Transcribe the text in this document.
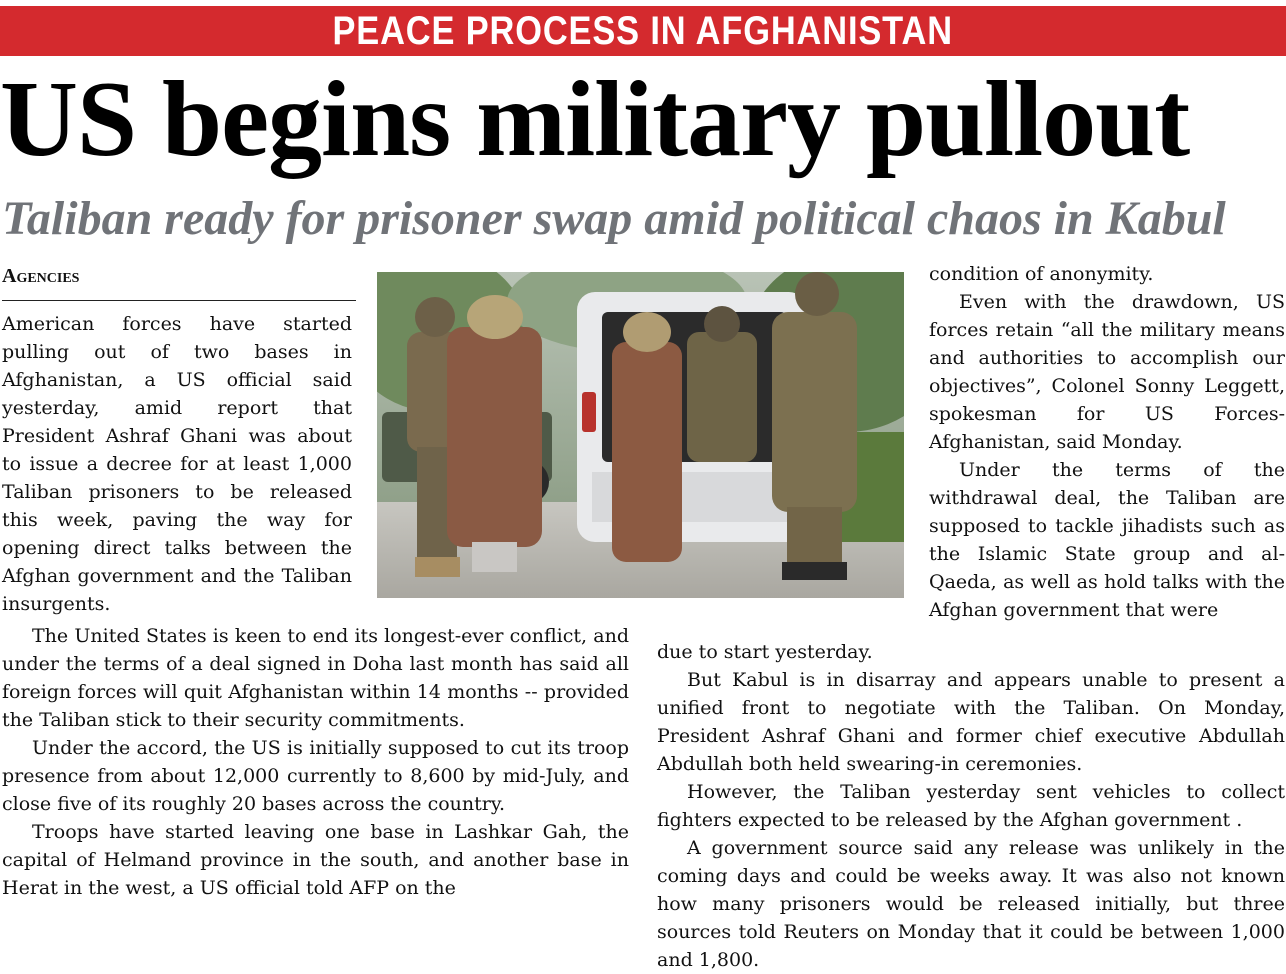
PEACE PROCESS IN AFGHANISTAN
US begins military pullout
Taliban ready for prisoner swap amid political chaos in Kabul
Agencies

American forces have started pulling out of two bases in Afghanistan, a US official said yesterday, amid report that President Ashraf Ghani was about to issue a decree for at least 1,000 Taliban prisoners to be released this week, paving the way for opening direct talks between the Afghan government and the Taliban insurgents.

The United States is keen to end its longest-ever conflict, and under the terms of a deal signed in Doha last month has said all foreign forces will quit Afghanistan within 14 months -- provided the Taliban stick to their security commitments.

Under the accord, the US is initially supposed to cut its troop presence from about 12,000 currently to 8,600 by mid-July, and close five of its roughly 20 bases across the country.

Troops have started leaving one base in Lashkar Gah, the capital of Helmand province in the south, and another base in Herat in the west, a US official told AFP on the

condition of anonymity.

Even with the drawdown, US forces retain “all the military means and authorities to accomplish our objectives”, Colonel Sonny Leggett, spokesman for US Forces-Afghanistan, said Monday.

Under the terms of the withdrawal deal, the Taliban are supposed to tackle jihadists such as the Islamic State group and al-Qaeda, as well as hold talks with the Afghan government that were

due to start yesterday.

But Kabul is in disarray and appears unable to present a unified front to negotiate with the Taliban. On Monday, President Ashraf Ghani and former chief executive Abdullah Abdullah both held swearing-in ceremonies.

However, the Taliban yesterday sent vehicles to collect fighters expected to be released by the Afghan government .

A government source said any release was unlikely in the coming days and could be weeks away. It was also not known how many prisoners would be released initially, but three sources told Reuters on Monday that it could be between 1,000 and 1,800.
